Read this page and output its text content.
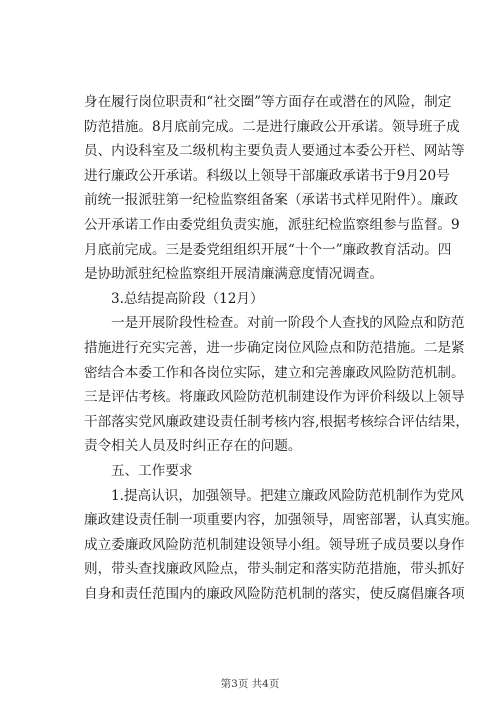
身在履行岗位职责和“社交圈”等方面存在或潜在的风险，制定
防范措施。8月底前完成。二是进行廉政公开承诺。领导班子成
员、内设科室及二级机构主要负责人要通过本委公开栏、网站等
进行廉政公开承诺。科级以上领导干部廉政承诺书于9月20号
前统一报派驻第一纪检监察组备案（承诺书式样见附件）。廉政
公开承诺工作由委党组负责实施，派驻纪检监察组参与监督。9
月底前完成。三是委党组组织开展“十个一”廉政教育活动。四
是协助派驻纪检监察组开展清廉满意度情况调查。
3.总结提高阶段（12月）
一是开展阶段性检查。对前一阶段个人查找的风险点和防范
措施进行充实完善，进一步确定岗位风险点和防范措施。二是紧
密结合本委工作和各岗位实际，建立和完善廉政风险防范机制。
三是评估考核。将廉政风险防范机制建设作为评价科级以上领导
干部落实党风廉政建设责任制考核内容,根据考核综合评估结果，
责令相关人员及时纠正存在的问题。
五、工作要求
1.提高认识，加强领导。把建立廉政风险防范机制作为党风
廉政建设责任制一项重要内容，加强领导，周密部署，认真实施。
成立委廉政风险防范机制建设领导小组。领导班子成员要以身作
则，带头查找廉政风险点，带头制定和落实防范措施，带头抓好
自身和责任范围内的廉政风险防范机制的落实，使反腐倡廉各项
第3页 共4页
